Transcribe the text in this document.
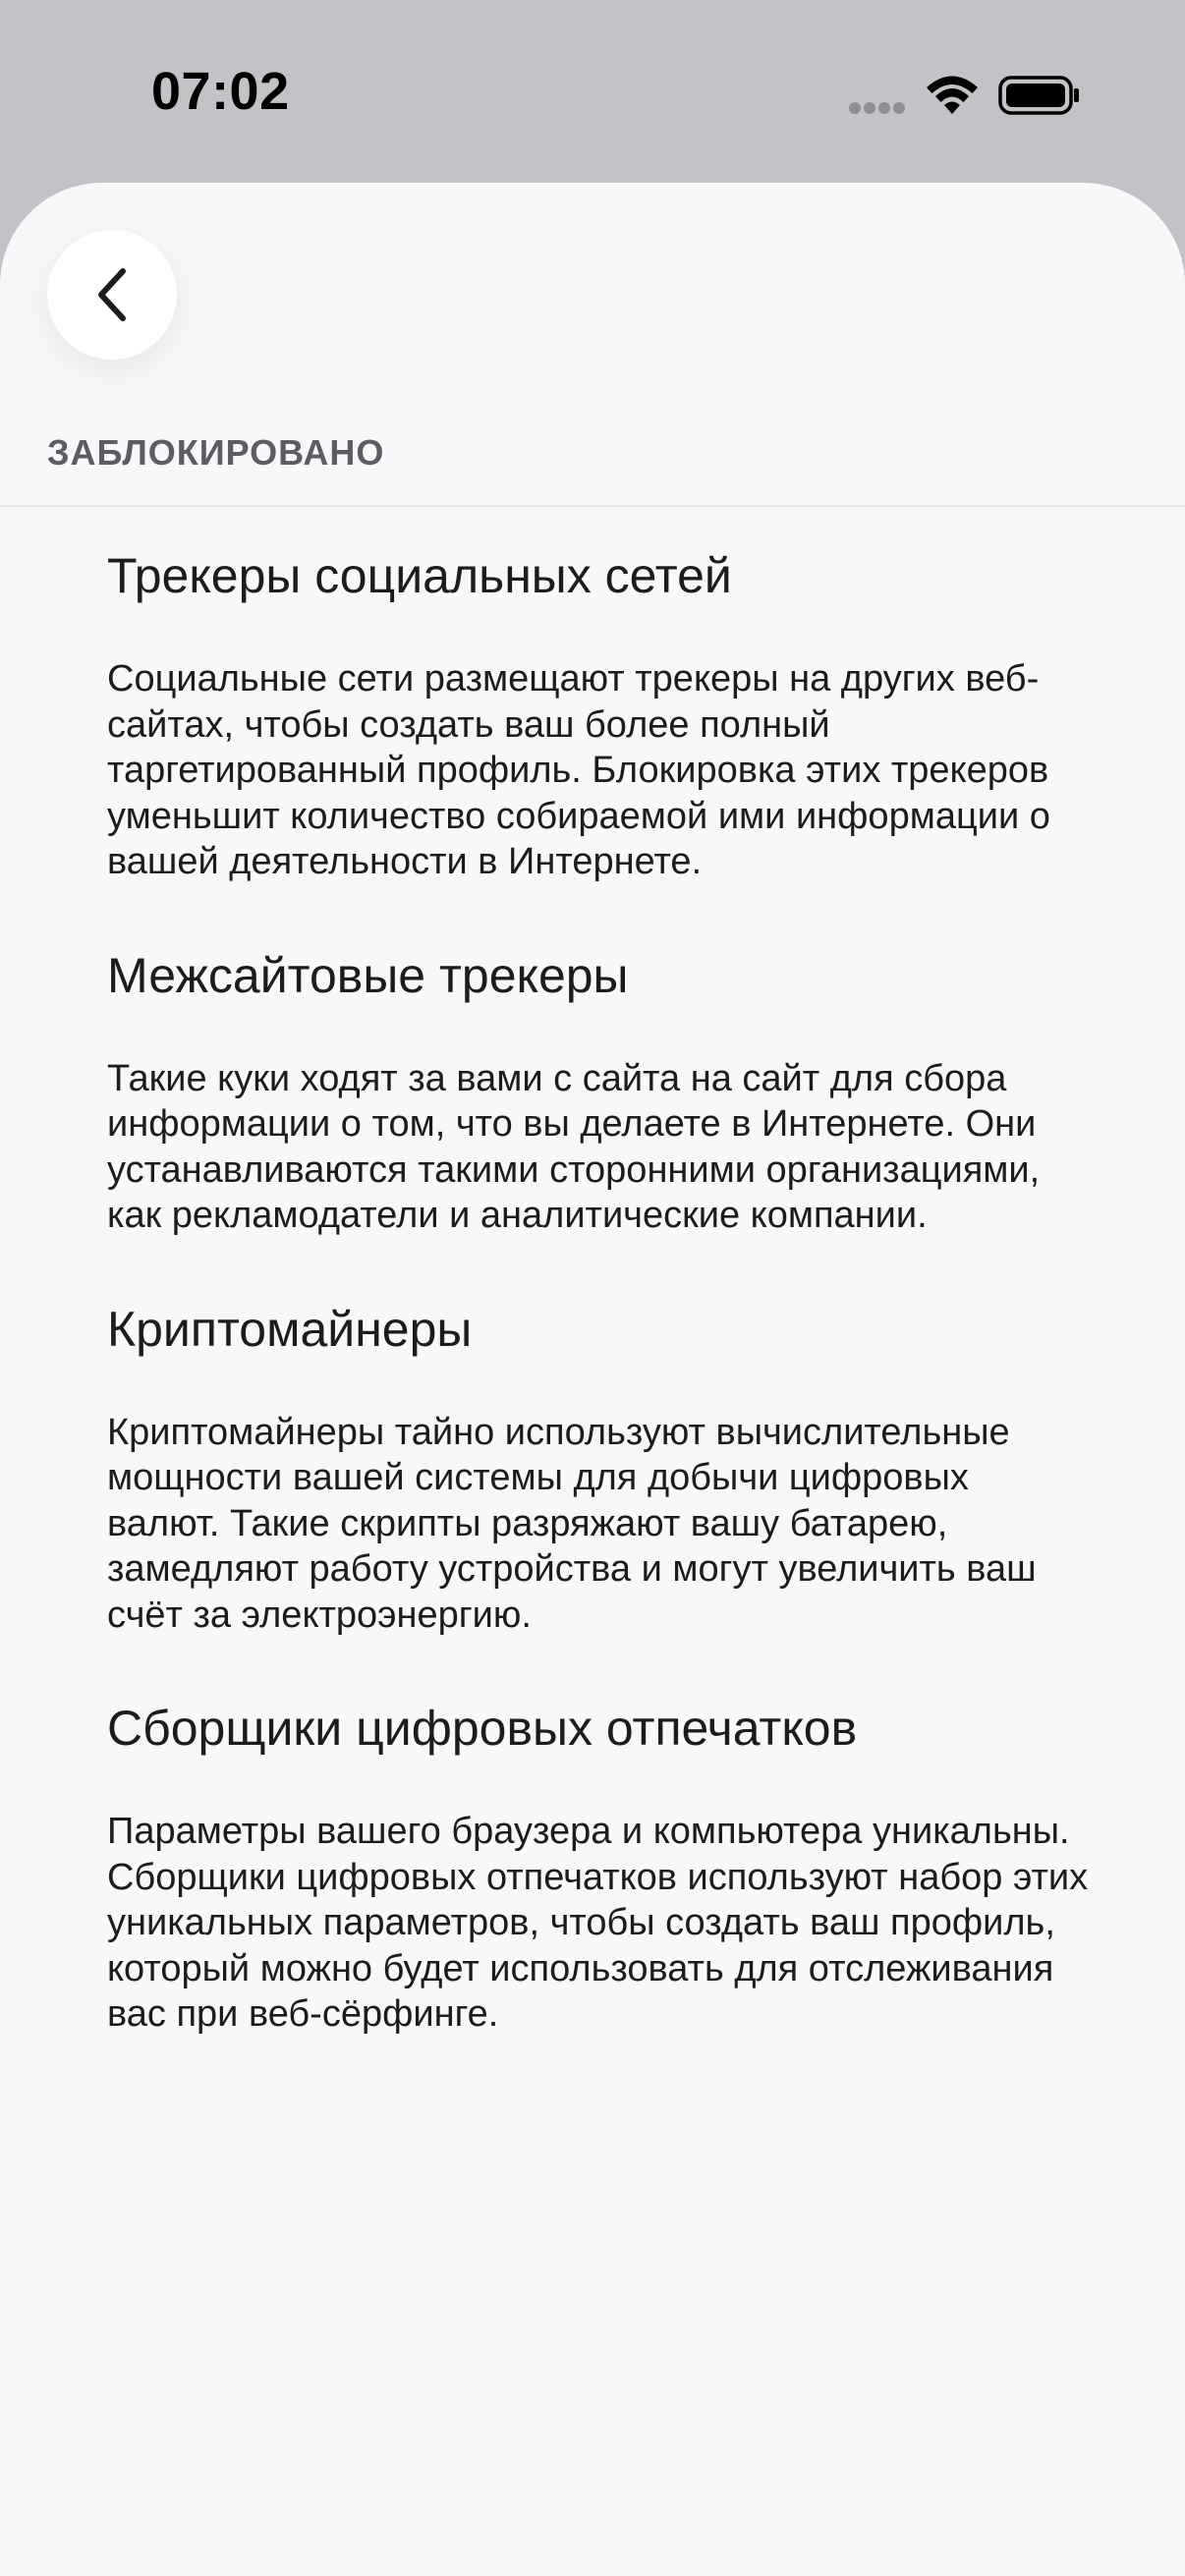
07:02
ЗАБЛОКИРОВАНО
Трекеры социальных сетей

Социальные сети размещают трекеры на других веб-сайтах, чтобы создать ваш более полный таргетированный профиль. Блокировка этих трекеров уменьшит количество собираемой ими информации о вашей деятельности в Интернете.

Межсайтовые трекеры

Такие куки ходят за вами с сайта на сайт для сбора информации о том, что вы делаете в Интернете. Они устанавливаются такими сторонними организациями, как рекламодатели и аналитические компании.

Криптомайнеры

Криптомайнеры тайно используют вычислительные мощности вашей системы для добычи цифровых валют. Такие скрипты разряжают вашу батарею, замедляют работу устройства и могут увеличить ваш счёт за электроэнергию.

Сборщики цифровых отпечатков

Параметры вашего браузера и компьютера уникальны. Сборщики цифровых отпечатков используют набор этих уникальных параметров, чтобы создать ваш профиль, который можно будет использовать для отслеживания вас при веб-сёрфинге.
